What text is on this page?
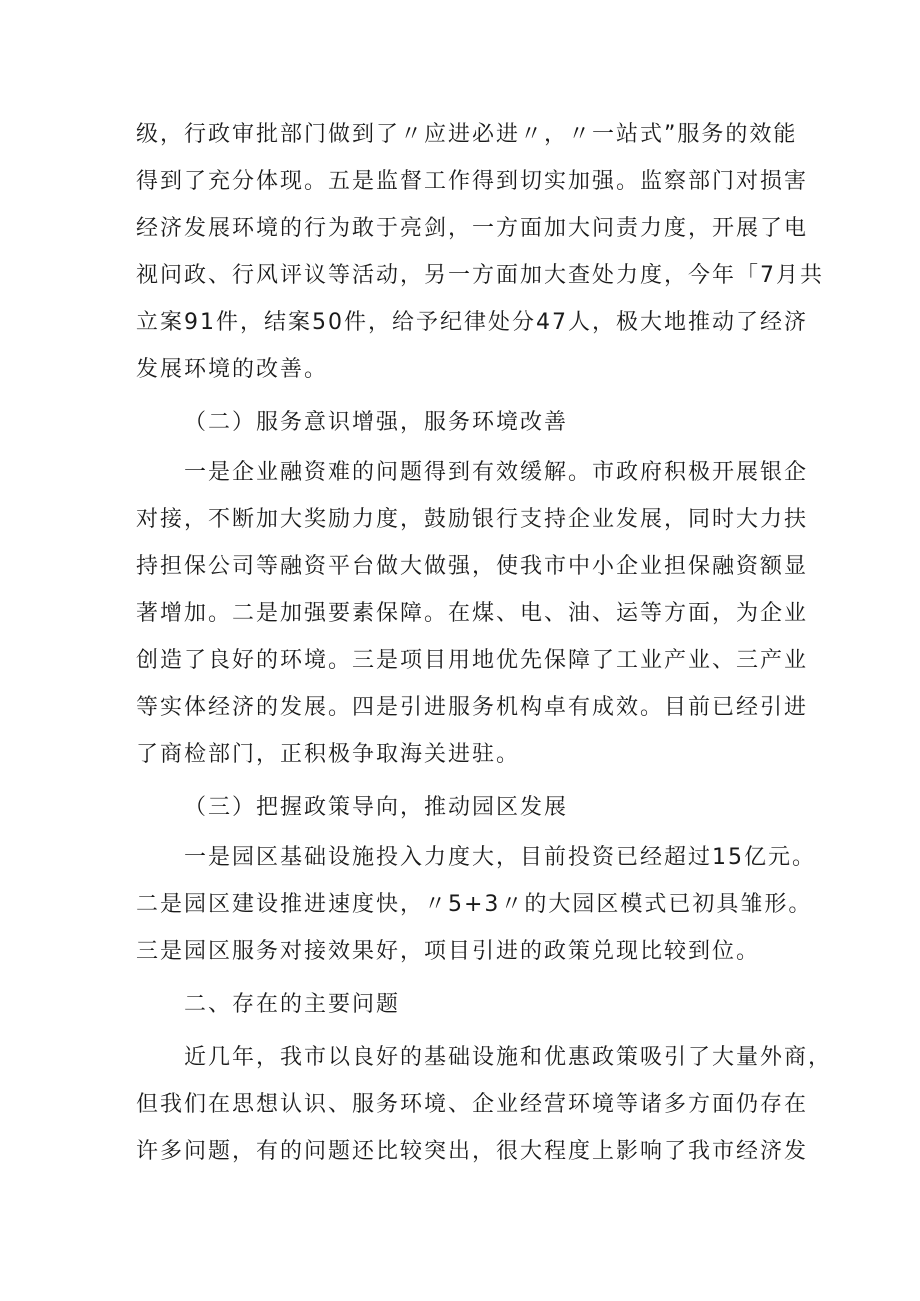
级，行政审批部门做到了〃应进必进〃，〃一站式”服务的效能
得到了充分体现。五是监督工作得到切实加强。监察部门对损害
经济发展环境的行为敢于亮剑，一方面加大问责力度，开展了电
视问政、行风评议等活动，另一方面加大查处力度，今年「7月共
立案91件，结案50件，给予纪律处分47人，极大地推动了经济
发展环境的改善。
（二）服务意识增强，服务环境改善
一是企业融资难的问题得到有效缓解。市政府积极开展银企
对接，不断加大奖励力度，鼓励银行支持企业发展，同时大力扶
持担保公司等融资平台做大做强，使我市中小企业担保融资额显
著增加。二是加强要素保障。在煤、电、油、运等方面，为企业
创造了良好的环境。三是项目用地优先保障了工业产业、三产业
等实体经济的发展。四是引进服务机构卓有成效。目前已经引进
了商检部门，正积极争取海关进驻。
（三）把握政策导向，推动园区发展
一是园区基础设施投入力度大，目前投资已经超过15亿元。
二是园区建设推进速度快，〃5+3〃的大园区模式已初具雏形。
三是园区服务对接效果好，项目引进的政策兑现比较到位。
二、存在的主要问题
近几年，我市以良好的基础设施和优惠政策吸引了大量外商，
但我们在思想认识、服务环境、企业经营环境等诸多方面仍存在
许多问题，有的问题还比较突出，很大程度上影响了我市经济发
